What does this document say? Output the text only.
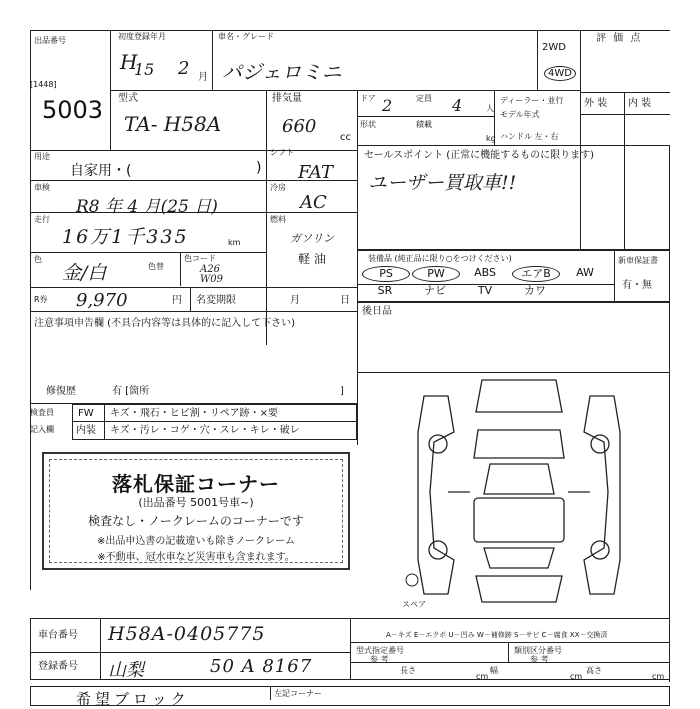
出品番号
[1448]
5003
初度登録年月
H
15 2 月
車名・グレード
パジェロミニ
2WD
4WD
評 価 点
型式
TA- H58A
排気量
660
cc
ドア 2	定員 4	人
形状	積載
kg
ディーラー・並行
モデル年式
ハンドル 左・右
外 装 内 装
用途
自家用・(	)
シフト
FAT
車検
R8 年 4 月(25 日)
冷房
AC
走行
16万1千335	km
燃料
ガソリン
軽 油
色
金/白	色替
色コード
A26 W09
R券 9,970	円 名変期限	月	日
注意事項申告欄 (不具合内容等は具体的に記入して下さい)
修復歴	有 [箇所	]
検査員
記入欄
FW キズ・飛石・ヒビ割・リペア跡・×要
内装 キズ・汚レ・コゲ・穴・スレ・キレ・破レ
セールスポイント (正常に機能するものに限ります)
ユーザー買取車!!
装備品 (純正品に限り○をつけください)	新車保証書
有・無
後日品
スペア
落札保証コーナー
(出品番号 5001号車~)
検査なし・ノークレームのコーナーです
※出品申込書の記載違いも除きノークレーム
※不動車、冠水車など災害車も含まれます。
車台番号 H58A-0405775
登録番号 山梨	50 A 8167
A－キズ E－エクボ U－凹み W－補修跡 S－サビ C－腐食 XX－交換済
型式指定番号
参 考
類別区分番号
参 考
長さ
cm
幅
cm
高さ
cm
希望ブロック	左記コーナー
PS	PW	ABS	エアB	AW
SR	ナビ	TV	カワ
